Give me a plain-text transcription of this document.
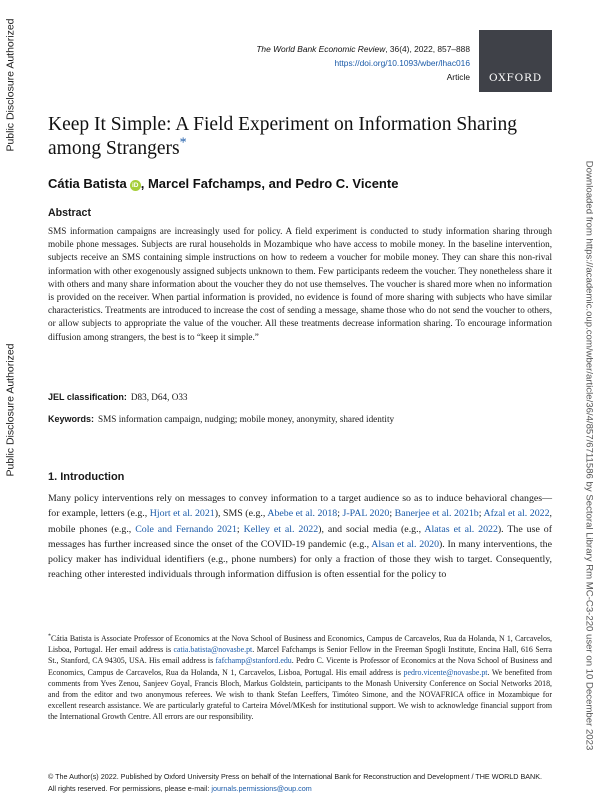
Public Disclosure Authorized
Public Disclosure Authorized	Downloaded from https://academic.oup.com/wber/article/36/4/857/6711586 by Sectoral Library Rm MC-C3-220 user on 10 December 2023
The World Bank Economic Review, 36(4), 2022, 857–888
https://doi.org/10.1093/wber/lhac016
Article OXFORD
Keep It Simple: A Field Experiment on Information Sharing among Strangers*
Cátia Batista iD , Marcel Fafchamps, and Pedro C. Vicente
Abstract
SMS information campaigns are increasingly used for policy. A field experiment is conducted to study information sharing through mobile phone messages. Subjects are rural households in Mozambique who have access to mobile money. In the baseline intervention, subjects receive an SMS containing simple instructions on how to redeem a voucher for mobile money. They can share this non-rival information with other exogenously assigned subjects unknown to them. Few participants redeem the voucher. They nonetheless share it with others and many share information about the voucher they do not use themselves. The voucher is shared more when no information is provided on the receiver. When partial information is provided, no evidence is found of more sharing with subjects who have similar characteristics. Treatments are introduced to increase the cost of sending a message, shame those who do not send the voucher to others, or allow subjects to appropriate the value of the voucher. All these treatments decrease information sharing. To encourage information diffusion among strangers, the best is to “keep it simple.”
JEL classification: D83, D64, O33
Keywords: SMS information campaign, nudging; mobile money, anonymity, shared identity
1. Introduction
Many policy interventions rely on messages to convey information to a target audience so as to induce behavioral changes—for example, letters (e.g., Hjort et al. 2021), SMS (e.g., Abebe et al. 2018; J-PAL 2020; Banerjee et al. 2021b; Afzal et al. 2022, mobile phones (e.g., Cole and Fernando 2021; Kelley et al. 2022), and social media (e.g., Alatas et al. 2022). The use of messages has further increased since the onset of the COVID-19 pandemic (e.g., Alsan et al. 2020). In many interventions, the policy maker has individual identifiers (e.g., phone numbers) for only a fraction of those they wish to target. Consequently, reaching other interested individuals through information diffusion is often essential for the policy to
*Cátia Batista is Associate Professor of Economics at the Nova School of Business and Economics, Campus de Carcavelos, Rua da Holanda, N 1, Carcavelos, Lisboa, Portugal. Her email address is catia.batista@novasbe.pt. Marcel Fafchamps is Senior Fellow in the Freeman Spogli Institute, Encina Hall, 616 Serra St., Stanford, CA 94305, USA. His email address is fafchamp@stanford.edu. Pedro C. Vicente is Professor of Economics at the Nova School of Business and Economics, Campus de Carcavelos, Rua da Holanda, N 1, Carcavelos, Lisboa, Portugal. His email address is pedro.vicente@novasbe.pt. We benefited from comments from Yves Zenou, Sanjeev Goyal, Francis Bloch, Markus Goldstein, participants to the Monash University Conference on Social Networks 2018, and from the editor and two anonymous referees. We wish to thank Stefan Leeffers, Timóteo Simone, and the NOVAFRICA office in Mozambique for excellent research assistance. We are particularly grateful to Carteira Móvel/MKesh for institutional support. We wish to acknowledge financial support from the International Growth Centre. All errors are our responsibility.
© The Author(s) 2022. Published by Oxford University Press on behalf of the International Bank for Reconstruction and Development / THE WORLD BANK.
All rights reserved. For permissions, please e-mail: journals.permissions@oup.com
